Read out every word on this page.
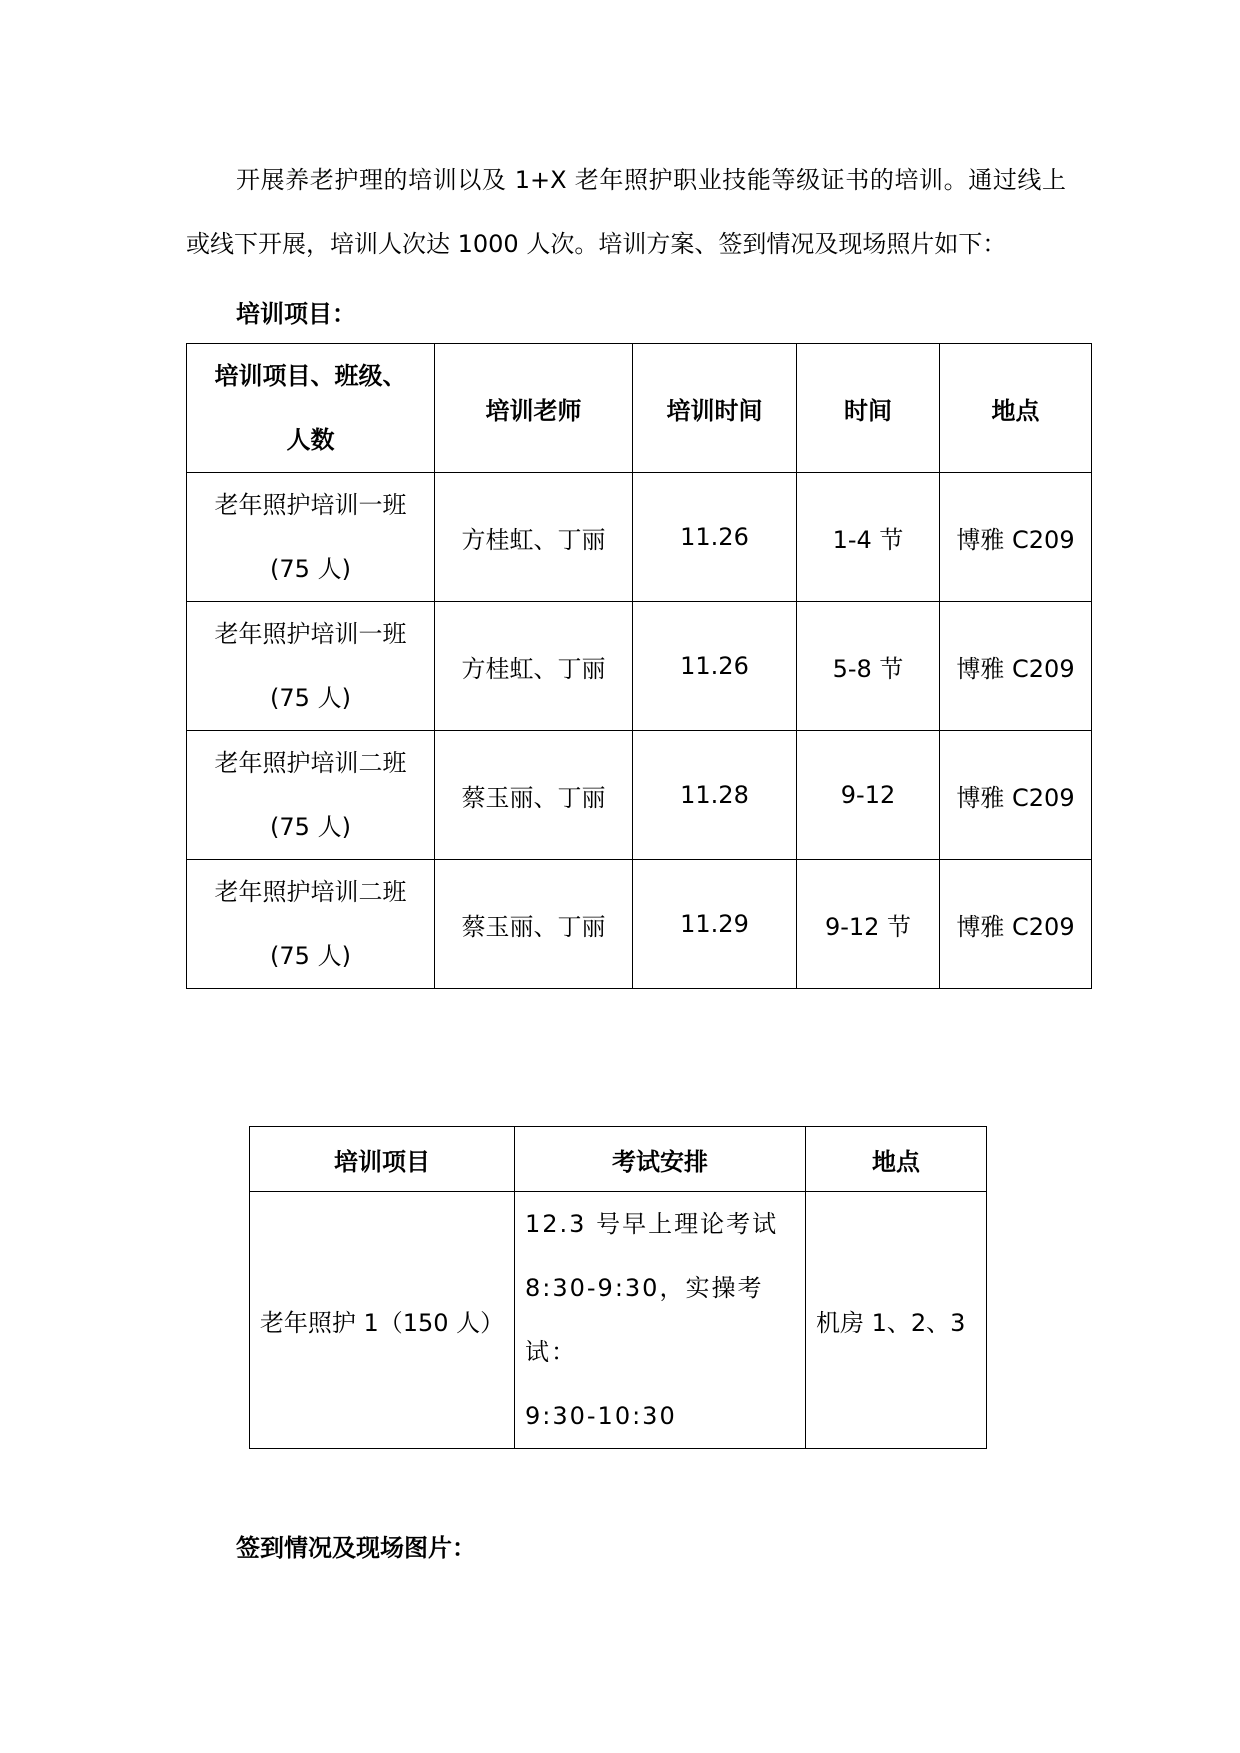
开展养老护理的培训以及 1+X 老年照护职业技能等级证书的培训。通过线上或线下开展，培训人次达 1000 人次。培训方案、签到情况及现场照片如下：

培训项目：

培训项目、班级、
人数	培训老师	培训时间	时间	地点

老年照护培训一班
(75 人)	方桂虹、丁丽	11.26	1-4 节	博雅 C209

老年照护培训一班
(75 人)	方桂虹、丁丽	11.26	5-8 节	博雅 C209

老年照护培训二班
(75 人)	蔡玉丽、丁丽	11.28	9-12	博雅 C209

老年照护培训二班
(75 人)	蔡玉丽、丁丽	11.29	9-12 节	博雅 C209
培训项目	考试安排	地点
老年照护 1（150 人）	12.3 号早上理论考试
8:30-9:30，实操考试：
9:30-10:30	机房 1、2、3

签到情况及现场图片：
